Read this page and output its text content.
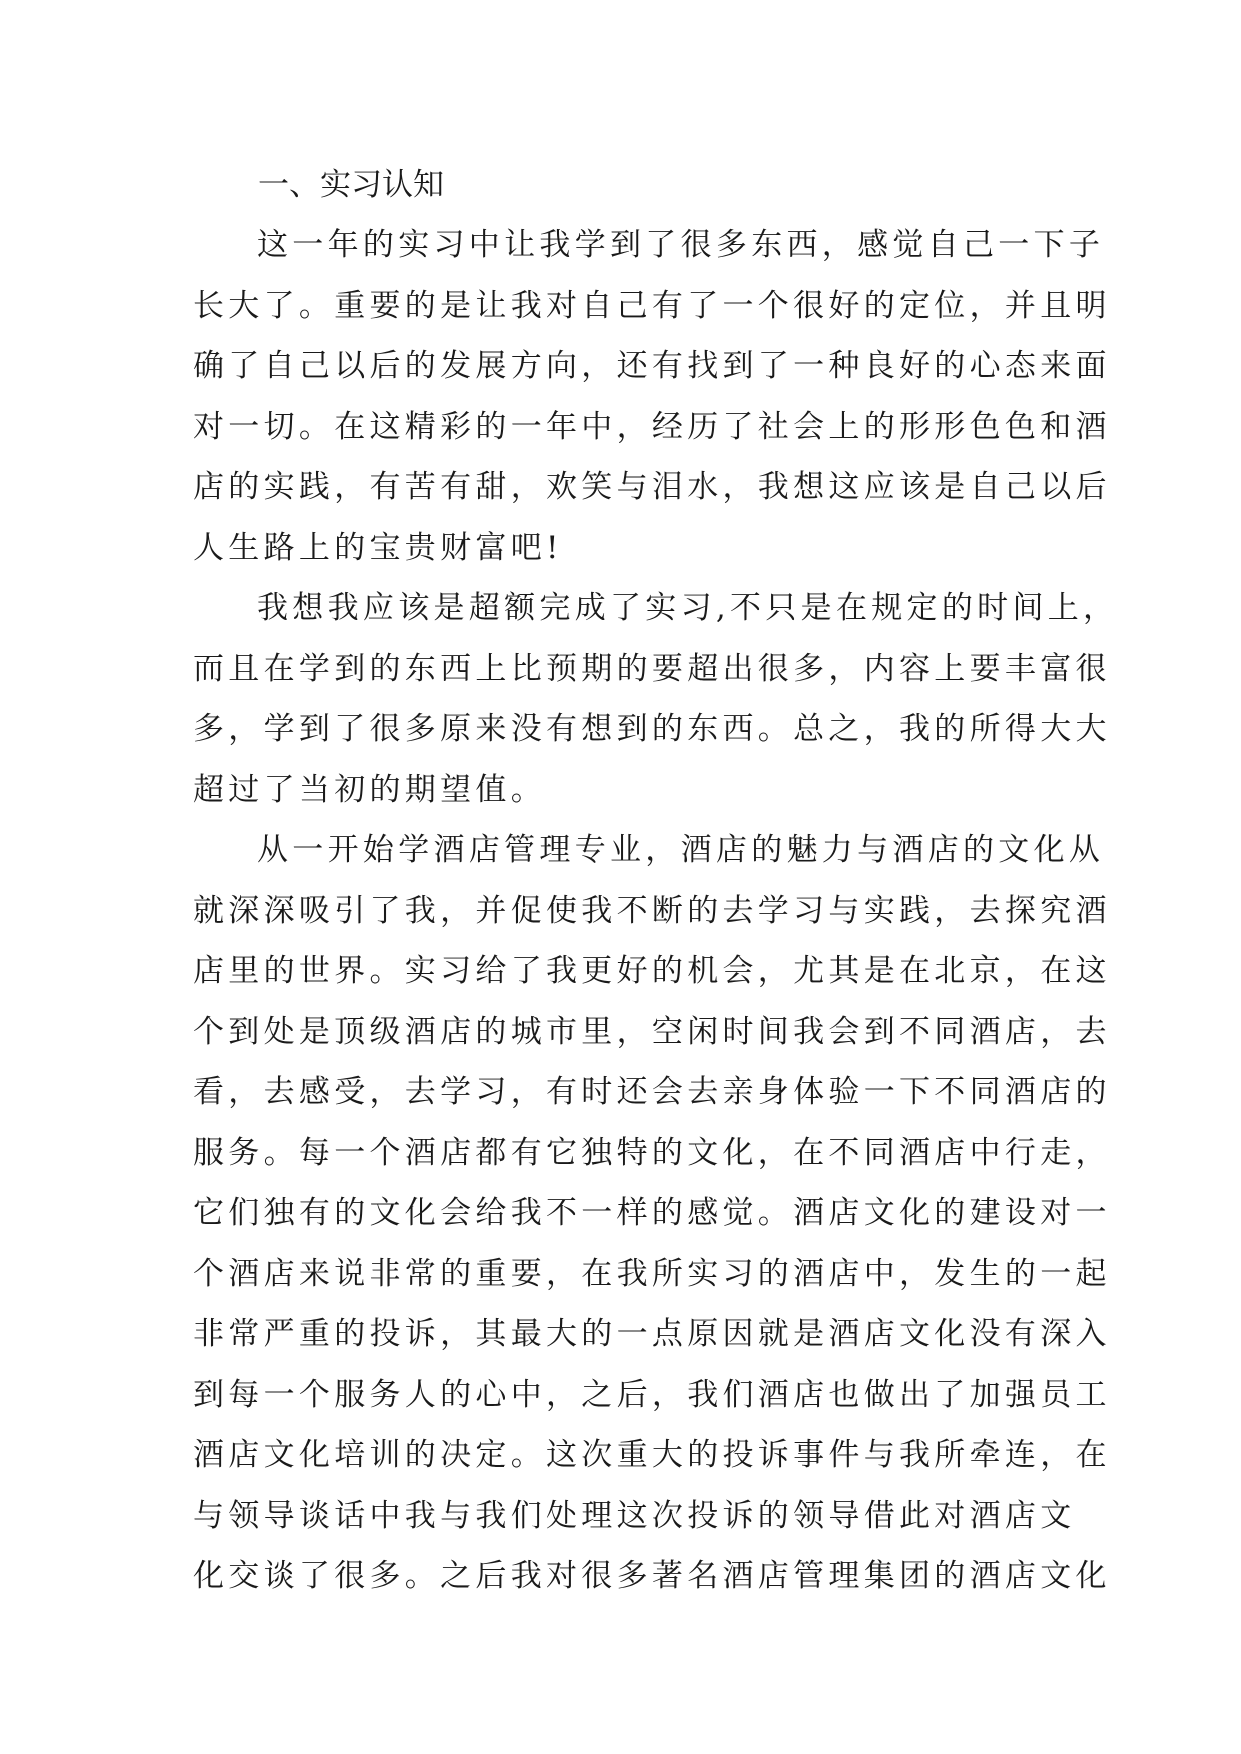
一、实习认知
这一年的实习中让我学到了很多东西，感觉自己一下子
长大了。重要的是让我对自己有了一个很好的定位，并且明
确了自己以后的发展方向，还有找到了一种良好的心态来面
对一切。在这精彩的一年中，经历了社会上的形形色色和酒
店的实践，有苦有甜，欢笑与泪水，我想这应该是自己以后
人生路上的宝贵财富吧!
我想我应该是超额完成了实习,不只是在规定的时间上，
而且在学到的东西上比预期的要超出很多，内容上要丰富很
多，学到了很多原来没有想到的东西。总之，我的所得大大
超过了当初的期望值。
从一开始学酒店管理专业，酒店的魅力与酒店的文化从
就深深吸引了我，并促使我不断的去学习与实践，去探究酒
店里的世界。实习给了我更好的机会，尤其是在北京，在这
个到处是顶级酒店的城市里，空闲时间我会到不同酒店，去
看，去感受，去学习，有时还会去亲身体验一下不同酒店的
服务。每一个酒店都有它独特的文化，在不同酒店中行走，
它们独有的文化会给我不一样的感觉。酒店文化的建设对一
个酒店来说非常的重要，在我所实习的酒店中，发生的一起
非常严重的投诉，其最大的一点原因就是酒店文化没有深入
到每一个服务人的心中，之后，我们酒店也做出了加强员工
酒店文化培训的决定。这次重大的投诉事件与我所牵连，在
与领导谈话中我与我们处理这次投诉的领导借此对酒店文
化交谈了很多。之后我对很多著名酒店管理集团的酒店文化
